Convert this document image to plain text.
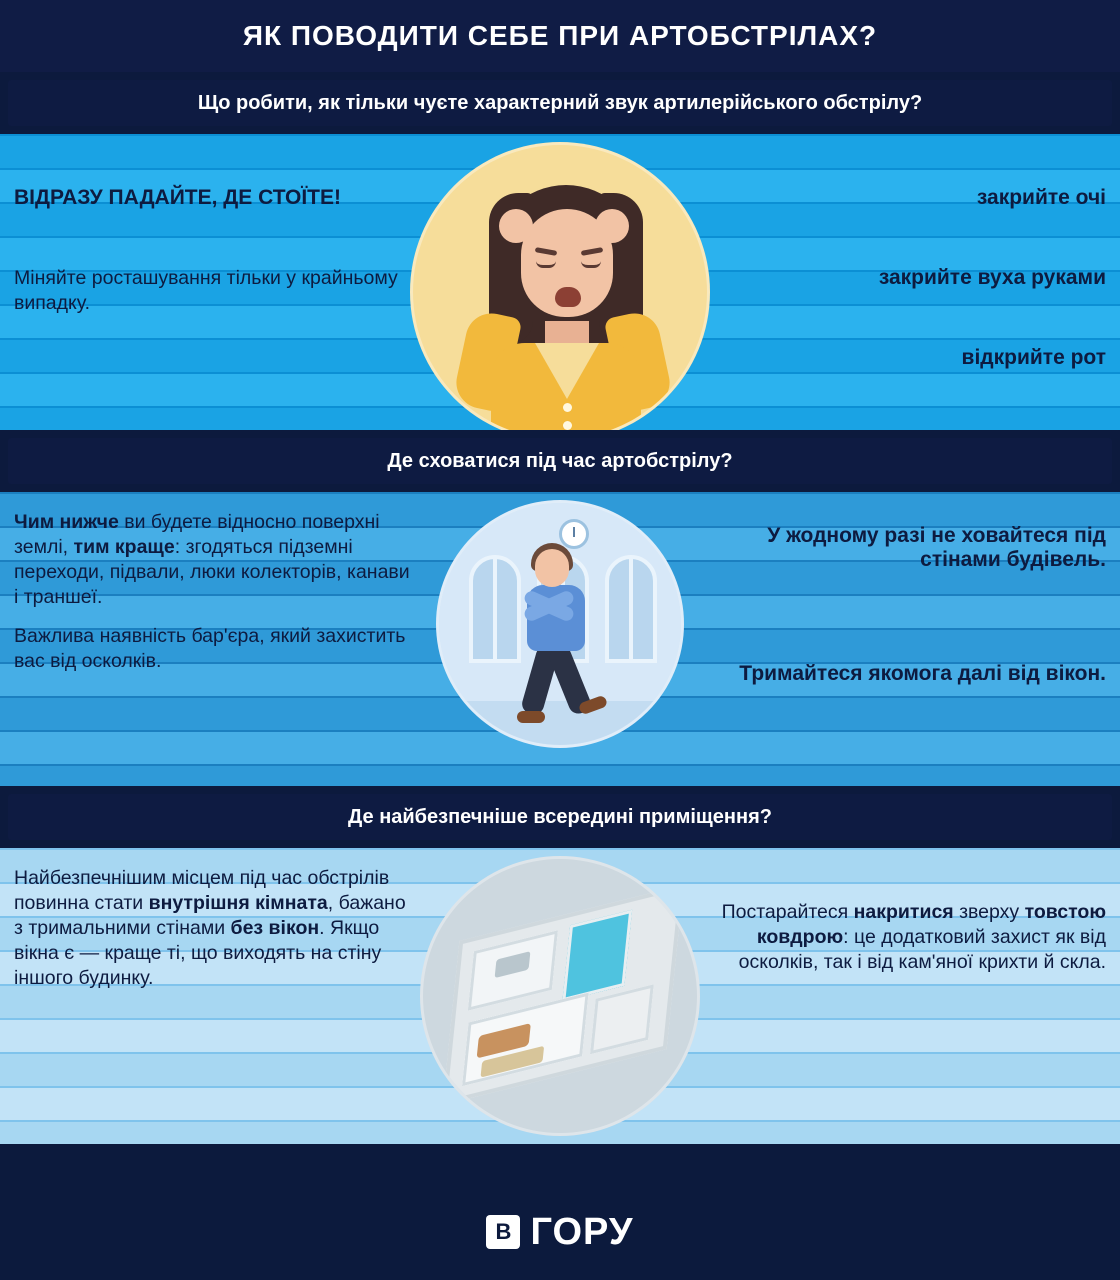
ЯК ПОВОДИТИ СЕБЕ ПРИ АРТОБСТРІЛАХ?
Що робити, як тільки чуєте характерний звук артилерійського обстрілу?
ВІДРАЗУ ПАДАЙТЕ, ДЕ СТОЇТЕ!
Міняйте росташування тільки у крайньому випадку.
закрийте очі
закрийте вуха руками
відкрийте рот
Де сховатися під час артобстрілу?
Чим нижче ви будете відносно поверхні землі, тим краще: згодяться підземні переходи, підвали, люки колекторів, канави і траншеї.
Важлива наявність бар'єра, який захистить вас від осколків.
У жодному разі не ховайтеся під стінами будівель.
Тримайтеся якомога далі від вікон.
Де найбезпечніше всередині приміщення?
Найбезпечнішим місцем під час обстрілів повинна стати внутрішня кімната, бажано з тримальними стінами без вікон. Якщо вікна є — краще ті, що виходять на стіну іншого будинку.
Постарайтеся накритися зверху товстою ковдрою: це додатковий захист як від осколків, так і від кам'яної крихти й скла.
В ГОРУ
